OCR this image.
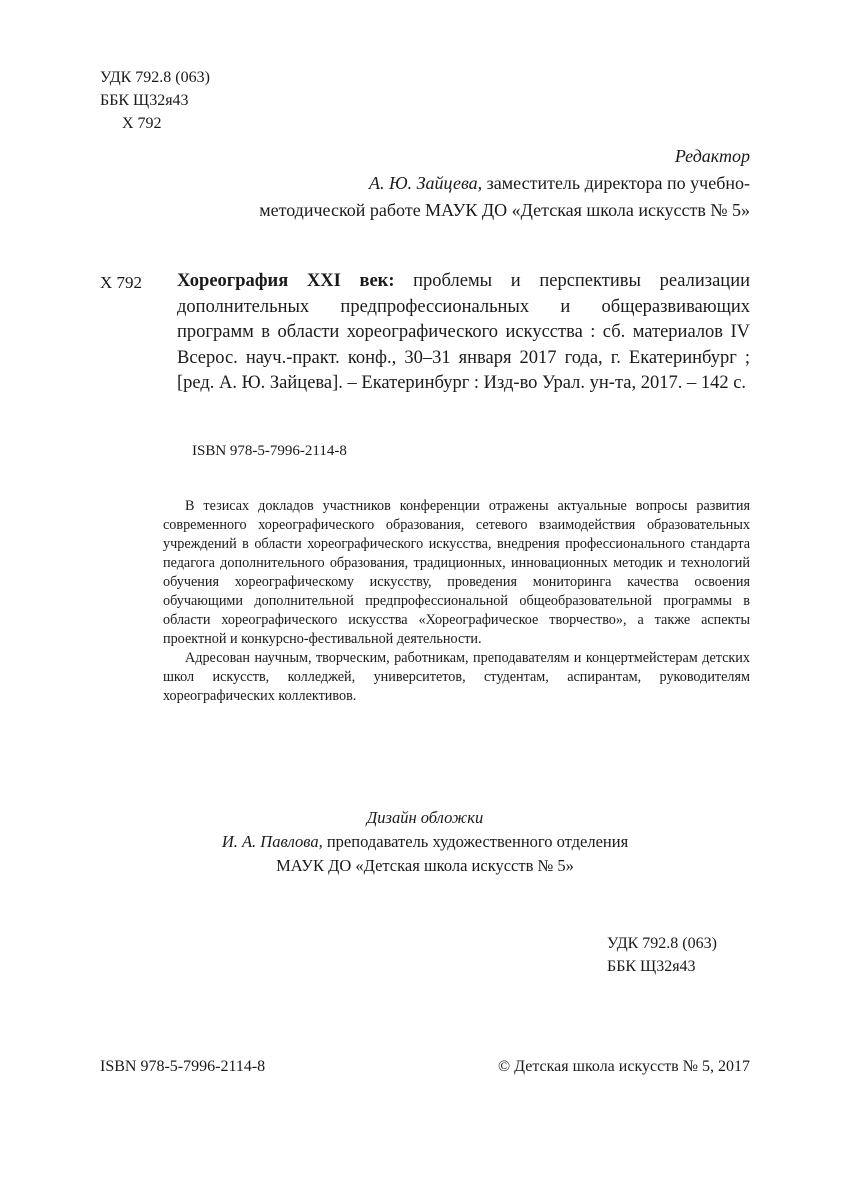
УДК 792.8 (063)
ББК Щ32я43
Х 792
Редактор
А. Ю. Зайцева, заместитель директора по учебно-
методической работе МАУК ДО «Детская школа искусств № 5»
Х 792 Хореография XXI век: проблемы и перспективы реализации дополнительных предпрофессиональных и общеразвивающих программ в области хореографического искусства : сб. материалов IV Всерос. науч.-практ. конф., 30–31 января 2017 года, г. Екатеринбург ; [ред. А. Ю. Зайцева]. – Екатеринбург : Изд-во Урал. ун-та, 2017. – 142 с.
ISBN 978-5-7996-2114-8

В тезисах докладов участников конференции отражены актуальные вопросы развития современного хореографического образования, сетевого взаимодействия образовательных учреждений в области хореографического искусства, внедрения профессионального стандарта педагога дополнительного образования, традиционных, инновационных методик и технологий обучения хореографическому искусству, проведения мониторинга качества освоения обучающими дополнительной предпрофессиональной общеобразовательной программы в области хореографического искусства «Хореографическое творчество», а также аспекты проектной и конкурсно-фестивальной деятельности.

Адресован научным, творческим, работникам, преподавателям и концертмейстерам детских школ искусств, колледжей, университетов, студентам, аспирантам, руководителям хореографических коллективов.

Дизайн обложки
И. А. Павлова, преподаватель художественного отделения
МАУК ДО «Детская школа искусств № 5»
УДК 792.8 (063)
ББК Щ32я43
ISBN 978-5-7996-2114-8	© Детская школа искусств № 5, 2017
